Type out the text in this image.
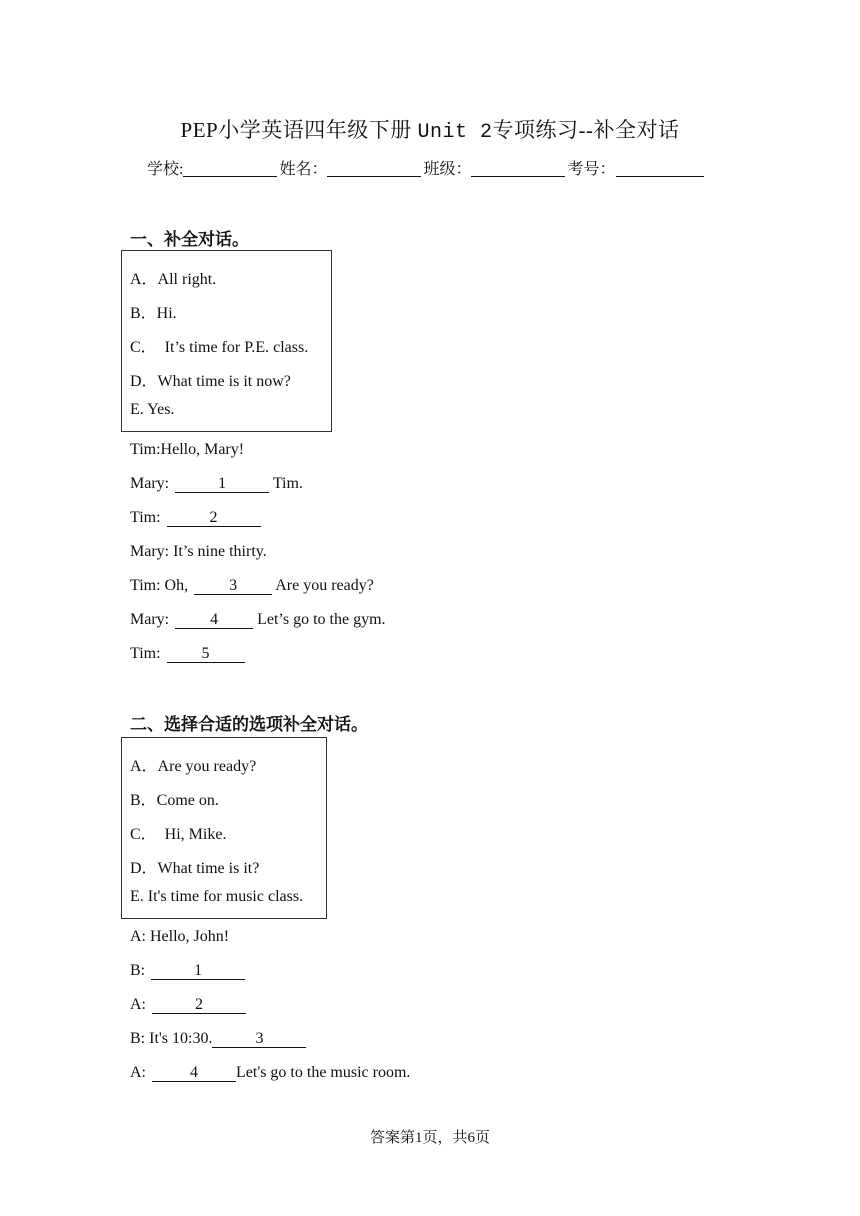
PEP小学英语四年级下册 Unit 2专项练习--补全对话
学校:	姓名：	班级：	考号：
一、补全对话。
A．All right.
B．Hi.
C．  It’s time for P.E. class.
D．What time is it now?
E. Yes.
Tim:Hello, Mary!
Mary:	1	Tim.
Tim:	2
Mary: It’s nine thirty.
Tim: Oh, 3 Are you ready?
Mary: 4 Let’s go to the gym.
Tim: 5
二、选择合适的选项补全对话。
A．Are you ready?
B．Come on.
C．  Hi, Mike.
D．What time is it?
E. It's time for music class.
A: Hello, John!
B:	1
A:	2
B: It's 10:30.	3
A:	4 Let's go to the music room.
答案第1页，共6页
